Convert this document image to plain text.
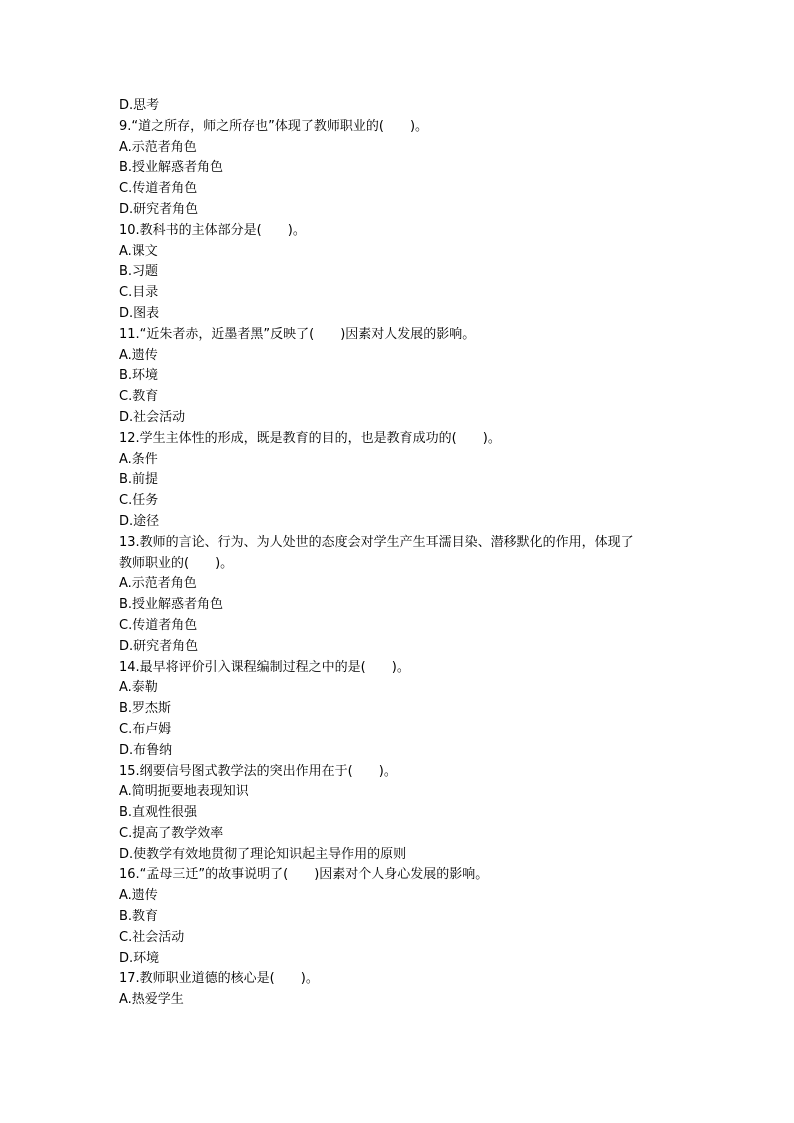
D.思考

9.“道之所存，师之所存也”体现了教师职业的(　　)。

A.示范者角色

B.授业解惑者角色

C.传道者角色

D.研究者角色

10.教科书的主体部分是(　　)。

A.课文

B.习题

C.目录

D.图表

11.“近朱者赤，近墨者黑”反映了(　　)因素对人发展的影响。

A.遗传

B.环境

C.教育

D.社会活动

12.学生主体性的形成，既是教育的目的，也是教育成功的(　　)。

A.条件

B.前提

C.任务

D.途径

13.教师的言论、行为、为人处世的态度会对学生产生耳濡目染、潜移默化的作用，体现了

教师职业的(　　)。

A.示范者角色

B.授业解惑者角色

C.传道者角色

D.研究者角色

14.最早将评价引入课程编制过程之中的是(　　)。

A.泰勒

B.罗杰斯

C.布卢姆

D.布鲁纳

15.纲要信号图式教学法的突出作用在于(　　)。

A.简明扼要地表现知识

B.直观性很强

C.提高了教学效率

D.使教学有效地贯彻了理论知识起主导作用的原则

16.“孟母三迁”的故事说明了(　　)因素对个人身心发展的影响。

A.遗传

B.教育

C.社会活动

D.环境

17.教师职业道德的核心是(　　)。

A.热爱学生
